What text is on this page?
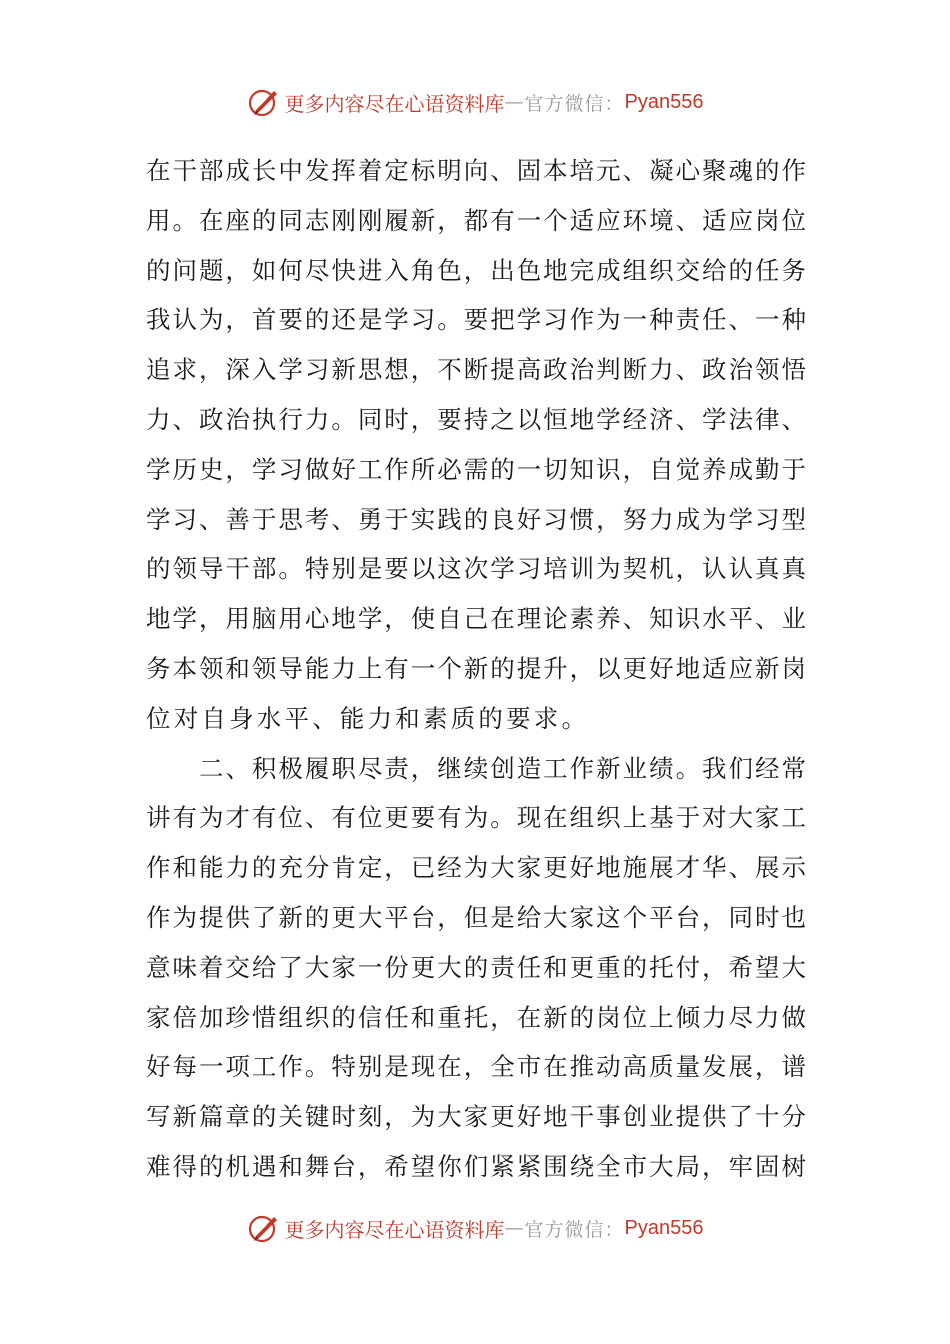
更多内容尽在心语资料库 — 官方微信： Pyan556
在干部成长中发挥着定标明向、固本培元、凝心聚魂的作
用。在座的同志刚刚履新，都有一个适应环境、适应岗位
的问题，如何尽快进入角色，出色地完成组织交给的任务
我认为，首要的还是学习。要把学习作为一种责任、一种
追求，深入学习新思想，不断提高政治判断力、政治领悟
力、政治执行力。同时，要持之以恒地学经济、学法律、
学历史，学习做好工作所必需的一切知识，自觉养成勤于
学习、善于思考、勇于实践的良好习惯，努力成为学习型
的领导干部。特别是要以这次学习培训为契机，认认真真
地学，用脑用心地学，使自己在理论素养、知识水平、业
务本领和领导能力上有一个新的提升，以更好地适应新岗
位对自身水平、能力和素质的要求。
　　二、积极履职尽责，继续创造工作新业绩。我们经常
讲有为才有位、有位更要有为。现在组织上基于对大家工
作和能力的充分肯定，已经为大家更好地施展才华、展示
作为提供了新的更大平台，但是给大家这个平台，同时也
意味着交给了大家一份更大的责任和更重的托付，希望大
家倍加珍惜组织的信任和重托，在新的岗位上倾力尽力做
好每一项工作。特别是现在，全市在推动高质量发展，谱
写新篇章的关键时刻，为大家更好地干事创业提供了十分
难得的机遇和舞台，希望你们紧紧围绕全市大局，牢固树
更多内容尽在心语资料库 — 官方微信： Pyan556
